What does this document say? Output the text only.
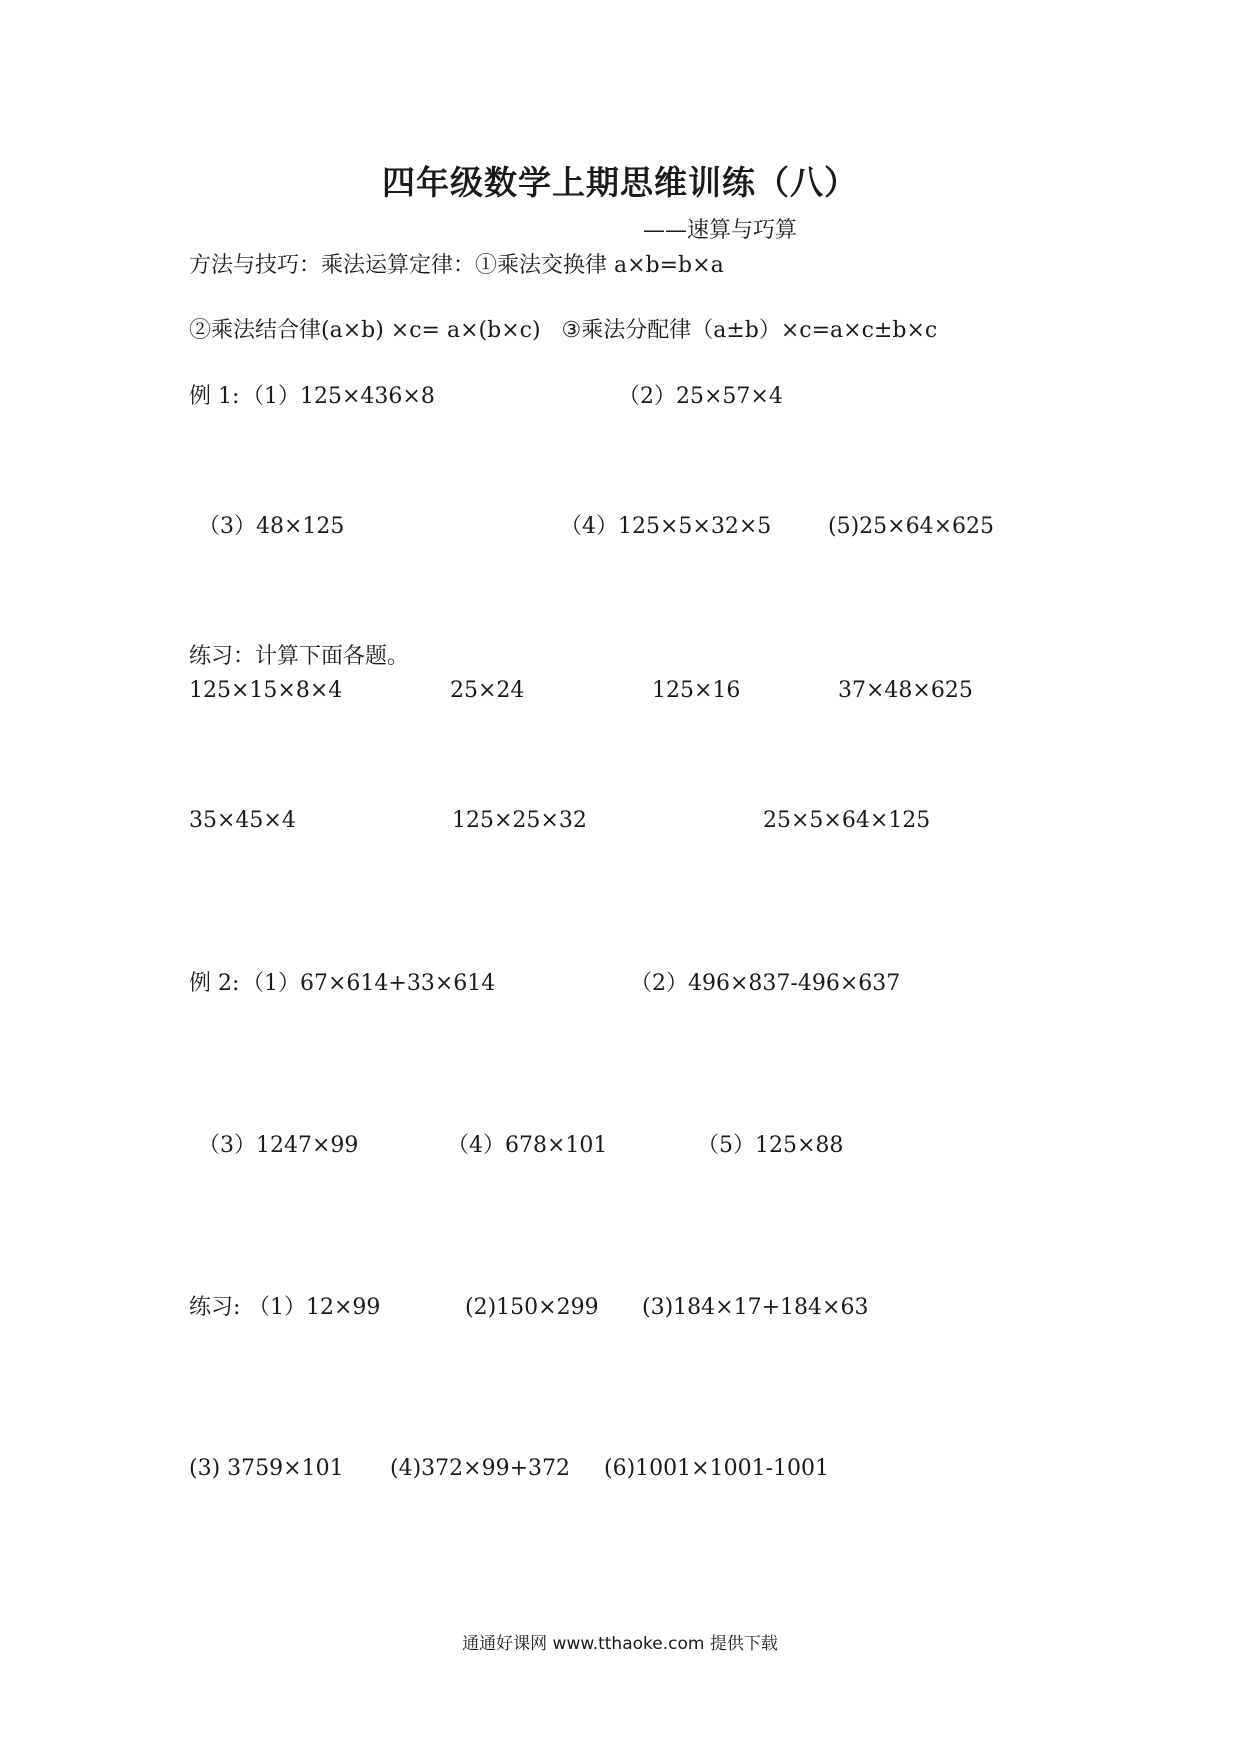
四年级数学上期思维训练（八）
——速算与巧算
方法与技巧：乘法运算定律：①乘法交换律 a×b=b×a
②乘法结合律(a×b) ×c= a×(b×c)   ③乘法分配律（a±b）×c=a×c±b×c
例 1: （1）125×436×8	（2）25×57×4
（3）48×125	（4）125×5×32×5	(5)25×64×625
练习：计算下面各题。
125×15×8×4	25×24	125×16	37×48×625
35×45×4	125×25×32	25×5×64×125
例 2: （1）67×614+33×614	（2）496×837-496×637
（3）1247×99	（4）678×101	（5）125×88
练习: （1）12×99	(2)150×299 (3)184×17+184×63
(3) 3759×101 (4)372×99+372 (6)1001×1001-1001
通通好课网 www.tthaoke.com 提供下载
